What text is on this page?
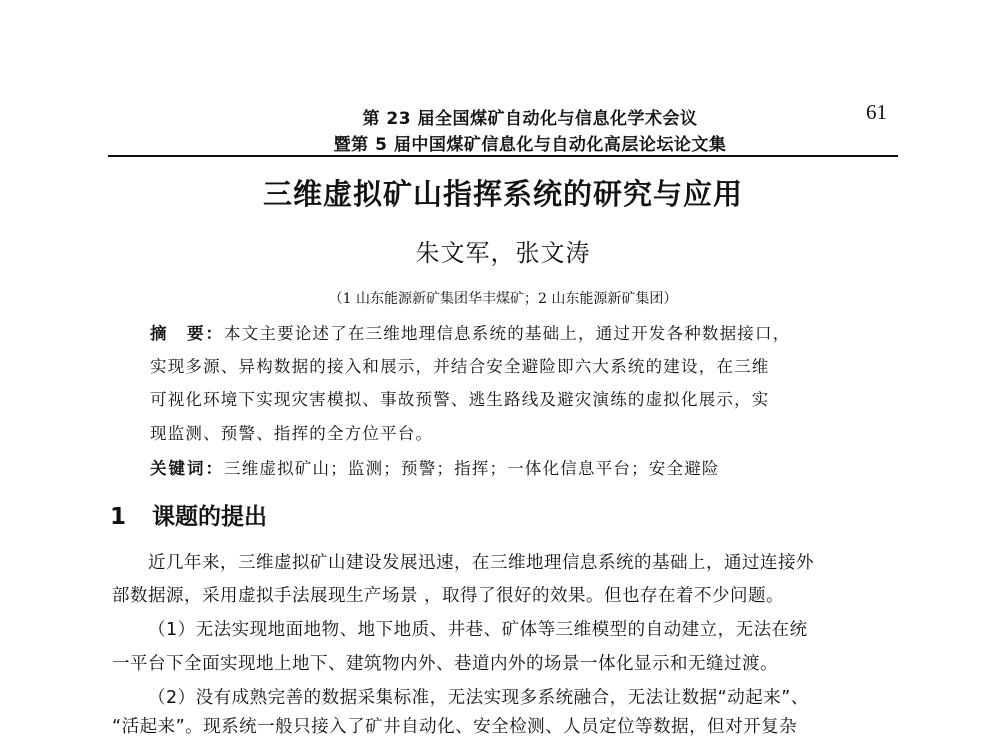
第 23 届全国煤矿自动化与信息化学术会议
暨第 5 届中国煤矿信息化与自动化高层论坛论文集
61
三维虚拟矿山指挥系统的研究与应用
朱文军，张文涛
（1 山东能源新矿集团华丰煤矿；2 山东能源新矿集团）
摘　要：本文主要论述了在三维地理信息系统的基础上，通过开发各种数据接口，
实现多源、异构数据的接入和展示，并结合安全避险即六大系统的建设，在三维
可视化环境下实现灾害模拟、事故预警、逃生路线及避灾演练的虚拟化展示，实
现监测、预警、指挥的全方位平台。
关键词：三维虚拟矿山；监测；预警；指挥；一体化信息平台；安全避险
1 课题的提出
近几年来，三维虚拟矿山建设发展迅速，在三维地理信息系统的基础上，通过连接外
部数据源，采用虚拟手法展现生产场景 ，取得了很好的效果。但也存在着不少问题。
（1）无法实现地面地物、地下地质、井巷、矿体等三维模型的自动建立，无法在统
一平台下全面实现地上地下、建筑物内外、巷道内外的场景一体化显示和无缝过渡。
（2）没有成熟完善的数据采集标准，无法实现多系统融合，无法让数据“动起来”、
“活起来”。现系统一般只接入了矿井自动化、安全检测、人员定位等数据，但对开复杂
